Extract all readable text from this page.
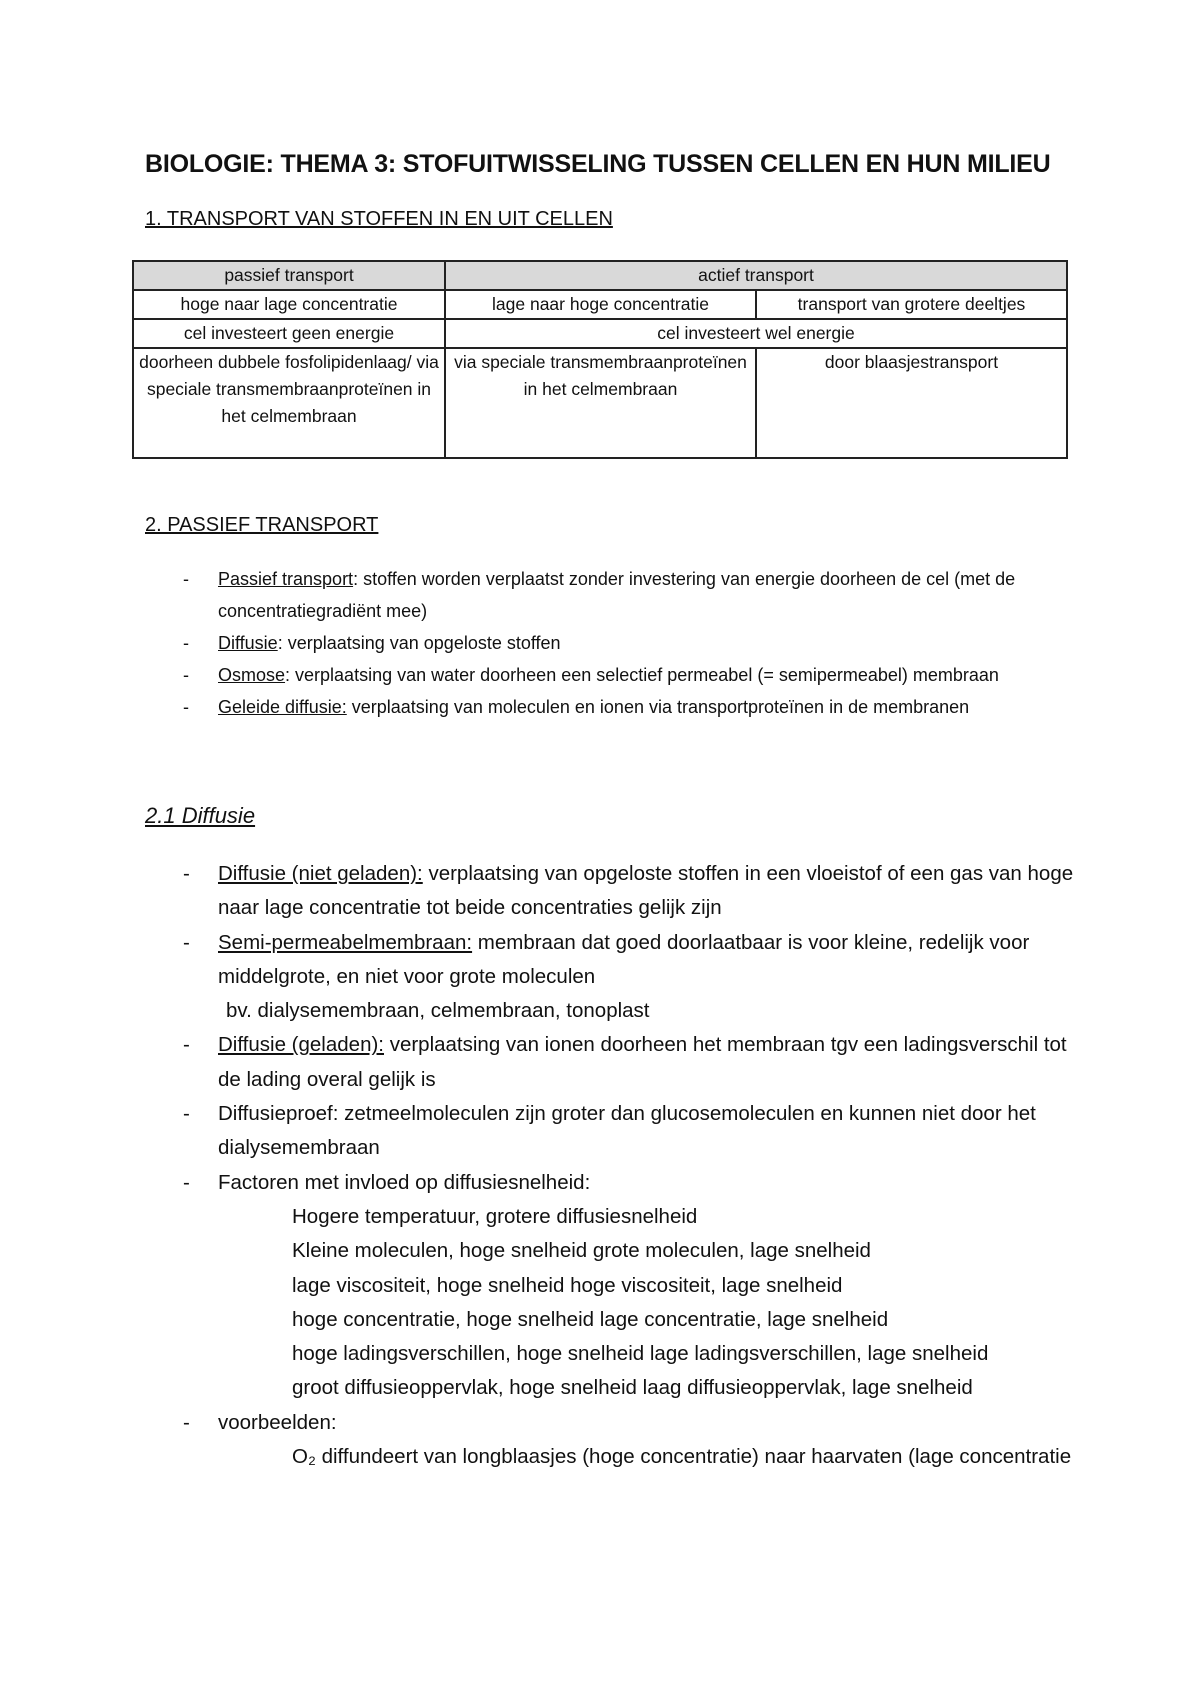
BIOLOGIE: THEMA 3: STOFUITWISSELING TUSSEN CELLEN EN HUN MILIEU
1. TRANSPORT VAN STOFFEN IN EN UIT CELLEN
passief transport	actief transport	
hoge naar lage concentratie	lage naar hoge concentratie	transport van grotere deeltjes
cel investeert geen energie	cel investeert wel energie	
doorheen dubbele fosfolipidenlaag/ via speciale transmembraanproteïnen in het celmembraan	via speciale transmembraanproteïnen in het celmembraan	door blaasjestransport
2. PASSIEF TRANSPORT
- Passief transport: stoffen worden verplaatst zonder investering van energie doorheen de cel (met de concentratiegradiënt mee)
- Diffusie: verplaatsing van opgeloste stoffen
- Osmose: verplaatsing van water doorheen een selectief permeabel (= semipermeabel) membraan
- Geleide diffusie: verplaatsing van moleculen en ionen via transportproteïnen in de membranen
2.1 Diffusie
- Diffusie (niet geladen): verplaatsing van opgeloste stoffen in een vloeistof of een gas van hoge naar lage concentratie tot beide concentraties gelijk zijn
- Semi-permeabelmembraan: membraan dat goed doorlaatbaar is voor kleine, redelijk voor middelgrote, en niet voor grote moleculen
bv. dialysemembraan, celmembraan, tonoplast
- Diffusie (geladen): verplaatsing van ionen doorheen het membraan tgv een ladingsverschil tot de lading overal gelijk is
- Diffusieproef: zetmeelmoleculen zijn groter dan glucosemoleculen en kunnen niet door het dialysemembraan
- Factoren met invloed op diffusiesnelheid:
Hogere temperatuur, grotere diffusiesnelheid
Kleine moleculen, hoge snelheid grote moleculen, lage snelheid
lage viscositeit, hoge snelheid hoge viscositeit, lage snelheid
hoge concentratie, hoge snelheid lage concentratie, lage snelheid
hoge ladingsverschillen, hoge snelheid lage ladingsverschillen, lage snelheid
groot diffusieoppervlak, hoge snelheid laag diffusieoppervlak, lage snelheid
- voorbeelden:
O₂ diffundeert van longblaasjes (hoge concentratie) naar haarvaten (lage concentratie
